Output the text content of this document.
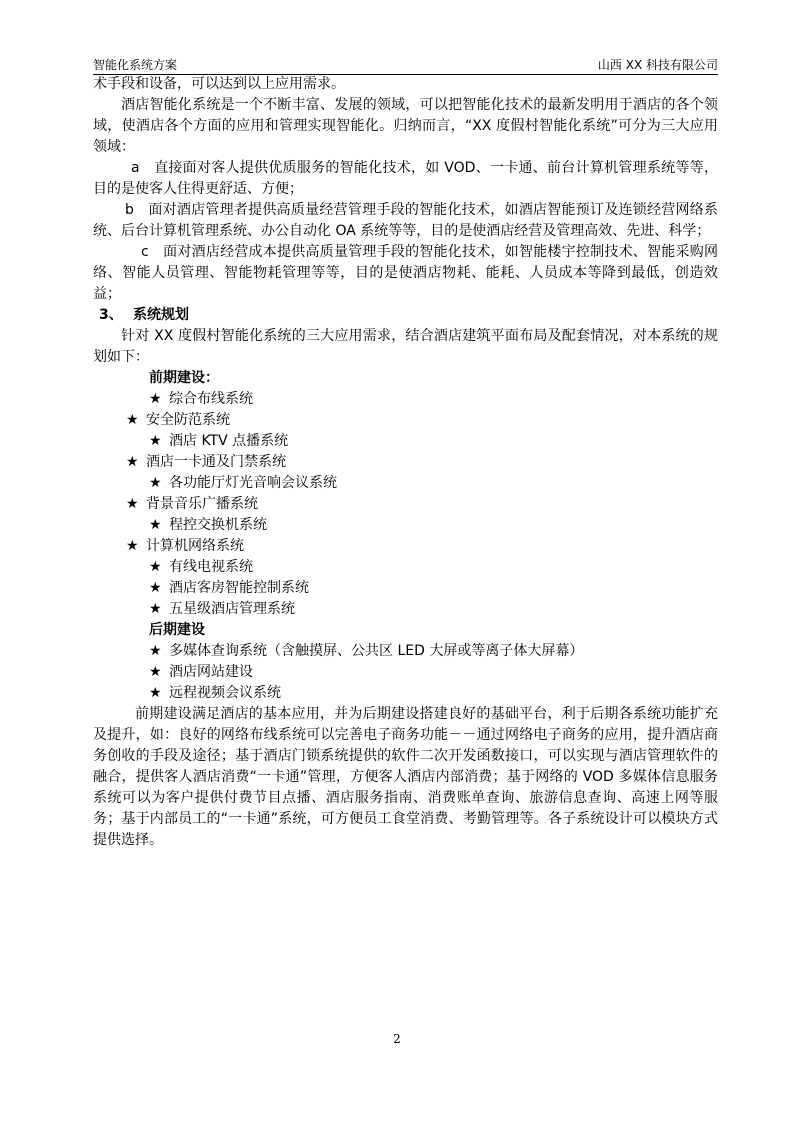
智能化系统方案	山西 XX 科技有限公司

术手段和设备，可以达到以上应用需求。

酒店智能化系统是一个不断丰富、发展的领域，可以把智能化技术的最新发明用于酒店的各个领域，使酒店各个方面的应用和管理实现智能化。归纳而言，“XX 度假村智能化系统”可分为三大应用领域：

a　直接面对客人提供优质服务的智能化技术，如 VOD、一卡通、前台计算机管理系统等等，目的是使客人住得更舒适、方便；

b　面对酒店管理者提供高质量经营管理手段的智能化技术，如酒店智能预订及连锁经营网络系统、后台计算机管理系统、办公自动化 OA 系统等等，目的是使酒店经营及管理高效、先进、科学；

c　面对酒店经营成本提供高质量管理手段的智能化技术，如智能楼宇控制技术、智能采购网络、智能人员管理、智能物耗管理等等，目的是使酒店物耗、能耗、人员成本等降到最低，创造效益；

3、 系统规划

针对 XX 度假村智能化系统的三大应用需求，结合酒店建筑平面布局及配套情况，对本系统的规划如下：

前期建设：

★ 综合布线系统

★ 安全防范系统

★ 酒店 KTV 点播系统

★ 酒店一卡通及门禁系统

★ 各功能厅灯光音响会议系统

★ 背景音乐广播系统

★ 程控交换机系统

★ 计算机网络系统

★ 有线电视系统

★ 酒店客房智能控制系统

★ 五星级酒店管理系统

后期建设

★ 多媒体查询系统（含触摸屏、公共区 LED 大屏或等离子体大屏幕）

★ 酒店网站建设

★ 远程视频会议系统

前期建设满足酒店的基本应用，并为后期建设搭建良好的基础平台，利于后期各系统功能扩充及提升，如：良好的网络布线系统可以完善电子商务功能－－通过网络电子商务的应用，提升酒店商务创收的手段及途径；基于酒店门锁系统提供的软件二次开发函数接口，可以实现与酒店管理软件的融合，提供客人酒店消费“一卡通”管理，方便客人酒店内部消费；基于网络的 VOD 多媒体信息服务系统可以为客户提供付费节目点播、酒店服务指南、消费账单查询、旅游信息查询、高速上网等服务；基于内部员工的“一卡通”系统，可方便员工食堂消费、考勤管理等。各子系统设计可以模块方式提供选择。

2
